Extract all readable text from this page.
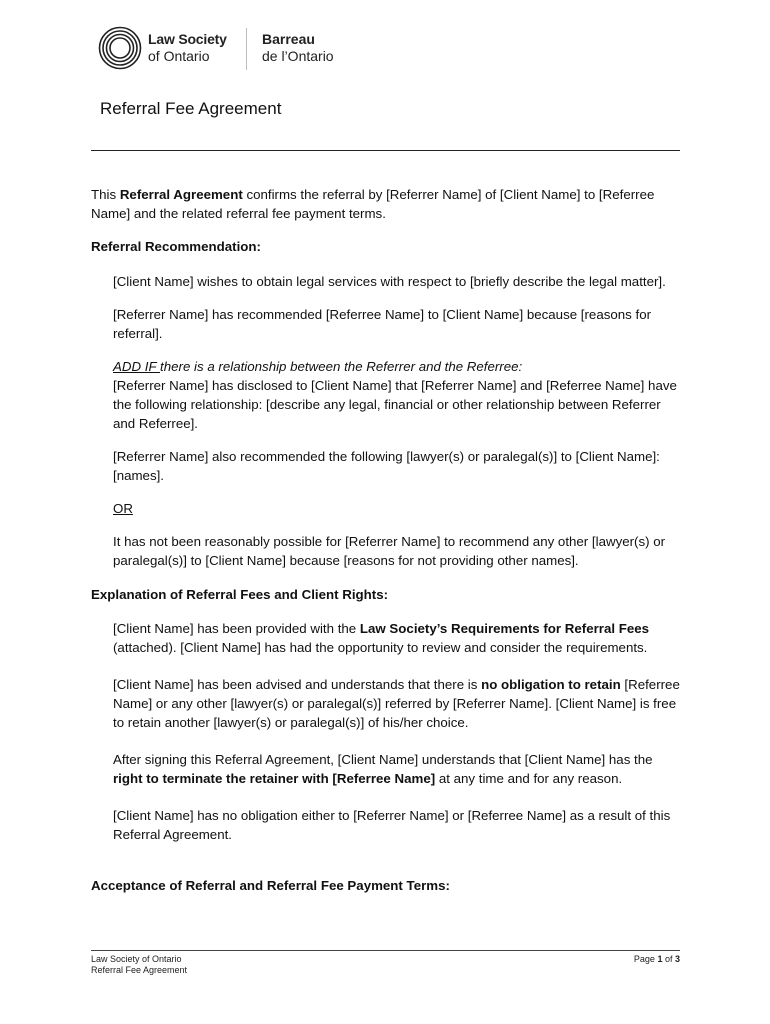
Law Society
of Ontario
Barreau
de l’Ontario
Referral Fee Agreement

This Referral Agreement confirms the referral by [Referrer Name] of [Client Name] to [Referree Name] and the related referral fee payment terms.

Referral Recommendation:

[Client Name] wishes to obtain legal services with respect to [briefly describe the legal matter].

[Referrer Name] has recommended [Referree Name] to [Client Name] because [reasons for referral].

ADD IF there is a relationship between the Referrer and the Referree:

[Referrer Name] has disclosed to [Client Name] that [Referrer Name] and [Referree Name] have the following relationship: [describe any legal, financial or other relationship between Referrer and Referree].

[Referrer Name] also recommended the following [lawyer(s) or paralegal(s)] to [Client Name]: [names].

OR

It has not been reasonably possible for [Referrer Name] to recommend any other [lawyer(s) or paralegal(s)] to [Client Name] because [reasons for not providing other names].

Explanation of Referral Fees and Client Rights:

[Client Name] has been provided with the Law Society’s Requirements for Referral Fees (attached). [Client Name] has had the opportunity to review and consider the requirements.

[Client Name] has been advised and understands that there is no obligation to retain [Referree Name] or any other [lawyer(s) or paralegal(s)] referred by [Referrer Name]. [Client Name] is free to retain another [lawyer(s) or paralegal(s)] of his/her choice.

After signing this Referral Agreement, [Client Name] understands that [Client Name] has the right to terminate the retainer with [Referree Name] at any time and for any reason.

[Client Name] has no obligation either to [Referrer Name] or [Referree Name] as a result of this Referral Agreement.

Acceptance of Referral and Referral Fee Payment Terms:

Law Society of Ontario
Referral Fee Agreement
Page 1 of 3
